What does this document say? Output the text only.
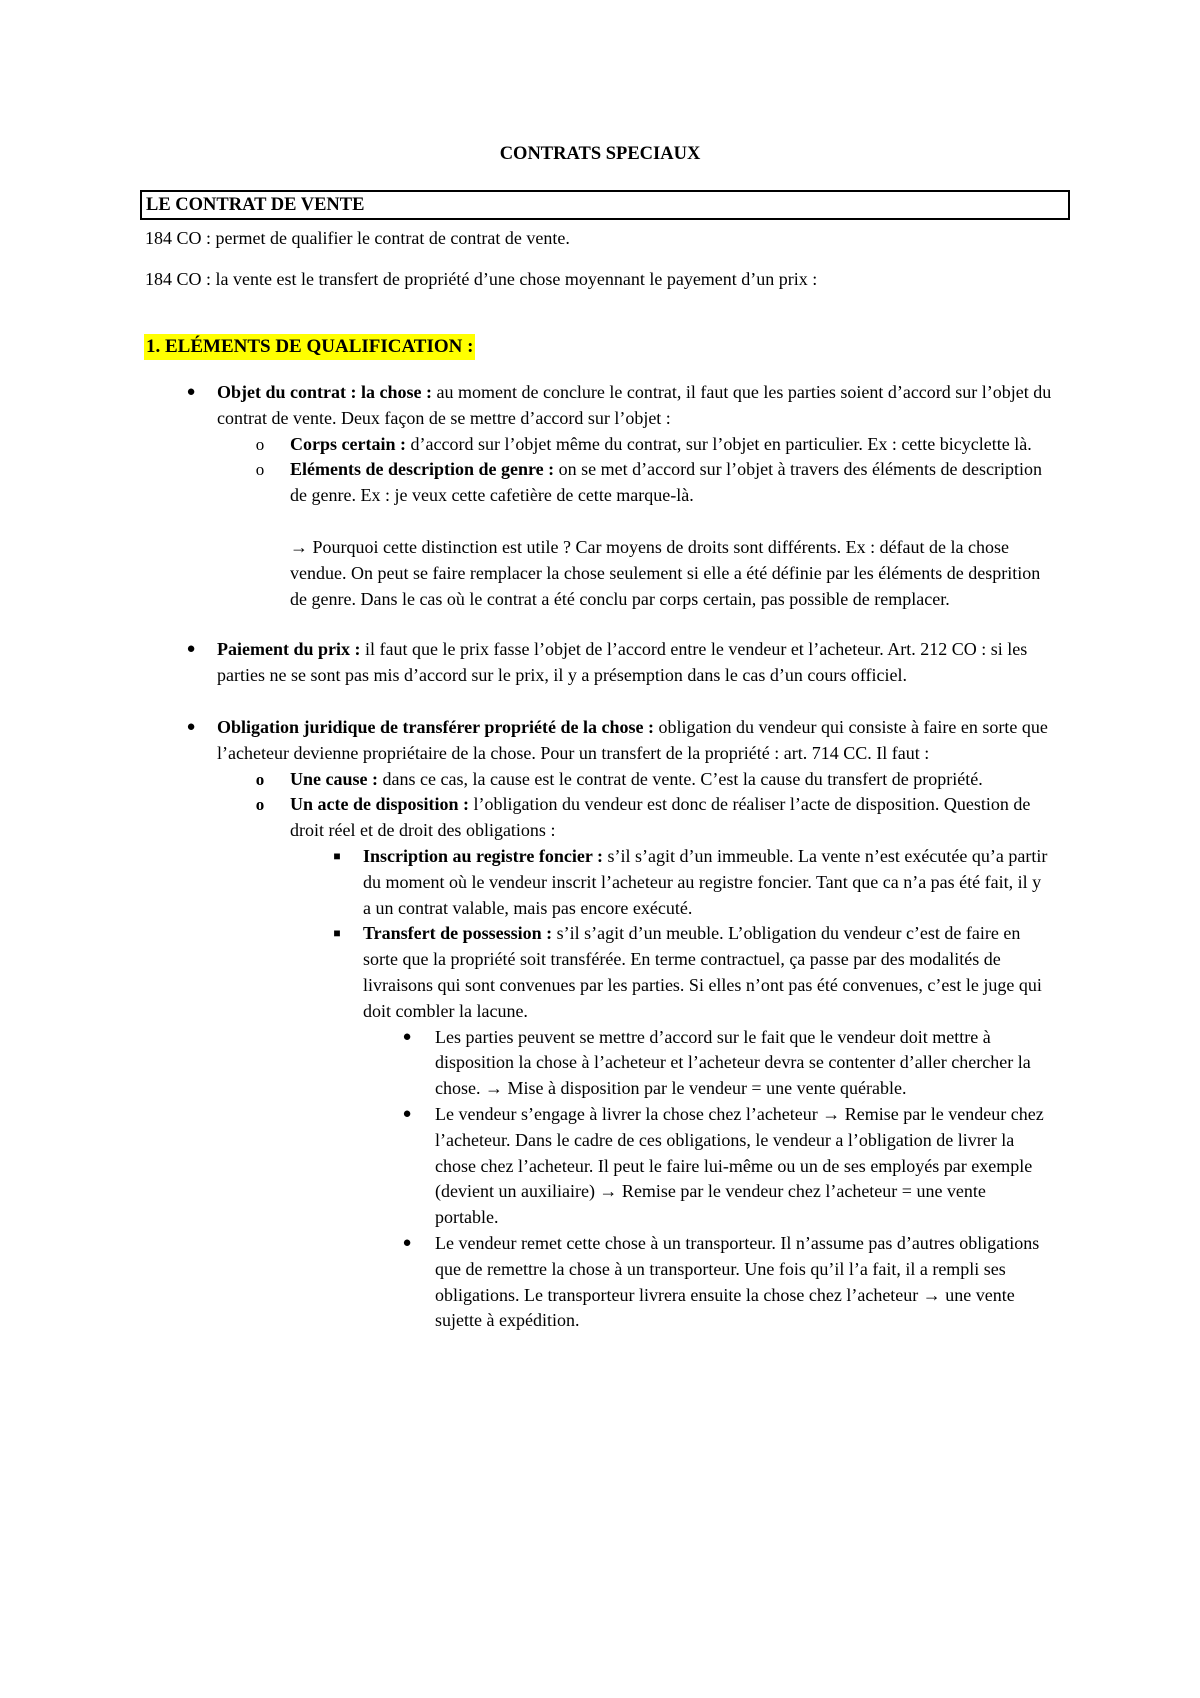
CONTRATS SPECIAUX
LE CONTRAT DE VENTE

184 CO : permet de qualifier le contrat de contrat de vente.

184 CO : la vente est le transfert de propriété d’une chose moyennant le payement d’un prix :

1. ELÉMENTS DE QUALIFICATION :
●	Objet du contrat : la chose : au moment de conclure le contrat, il faut que les parties soient d’accord sur l’objet du contrat de vente. Deux façon de se mettre d’accord sur l’objet :
o	Corps certain : d’accord sur l’objet même du contrat, sur l’objet en particulier. Ex : cette bicyclette là.
o	Eléments de description de genre : on se met d’accord sur l’objet à travers des éléments de description de genre. Ex : je veux cette cafetière de cette marque-là.

→ Pourquoi cette distinction est utile ? Car moyens de droits sont différents. Ex : défaut de la chose vendue. On peut se faire remplacer la chose seulement si elle a été définie par les éléments de desprition de genre. Dans le cas où le contrat a été conclu par corps certain, pas possible de remplacer.

●	Paiement du prix : il faut que le prix fasse l’objet de l’accord entre le vendeur et l’acheteur. Art. 212 CO : si les parties ne se sont pas mis d’accord sur le prix, il y a présemption dans le cas d’un cours officiel.
●	Obligation juridique de transférer propriété de la chose : obligation du vendeur qui consiste à faire en sorte que l’acheteur devienne propriétaire de la chose. Pour un transfert de la propriété : art. 714 CC. Il faut :
o	Une cause : dans ce cas, la cause est le contrat de vente. C’est la cause du transfert de propriété.
o	Un acte de disposition : l’obligation du vendeur est donc de réaliser l’acte de disposition. Question de droit réel et de droit des obligations :
■	Inscription au registre foncier : s’il s’agit d’un immeuble. La vente n’est exécutée qu’a partir du moment où le vendeur inscrit l’acheteur au registre foncier. Tant que ca n’a pas été fait, il y a un contrat valable, mais pas encore exécuté.
■	Transfert de possession : s’il s’agit d’un meuble. L’obligation du vendeur c’est de faire en sorte que la propriété soit transférée. En terme contractuel, ça passe par des modalités de livraisons qui sont convenues par les parties. Si elles n’ont pas été convenues, c’est le juge qui doit combler la lacune.
●	Les parties peuvent se mettre d’accord sur le fait que le vendeur doit mettre à disposition la chose à l’acheteur et l’acheteur devra se contenter d’aller chercher la chose. → Mise à disposition par le vendeur = une vente quérable.
●	Le vendeur s’engage à livrer la chose chez l’acheteur → Remise par le vendeur chez l’acheteur. Dans le cadre de ces obligations, le vendeur a l’obligation de livrer la chose chez l’acheteur. Il peut le faire lui-même ou un de ses employés par exemple (devient un auxiliaire) → Remise par le vendeur chez l’acheteur = une vente portable.
●	Le vendeur remet cette chose à un transporteur. Il n’assume pas d’autres obligations que de remettre la chose à un transporteur. Une fois qu’il l’a fait, il a rempli ses obligations. Le transporteur livrera ensuite la chose chez l’acheteur → une vente sujette à expédition.
